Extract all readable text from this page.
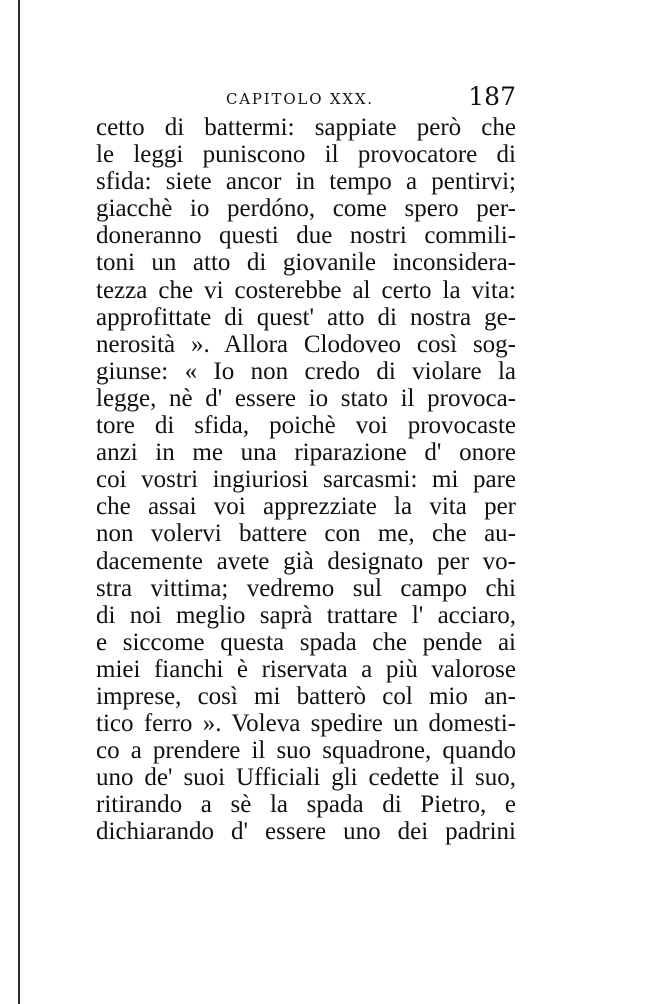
CAPITOLO XXX.	187
cetto di battermi: sappiate però che
le leggi puniscono il provocatore di
sfida: siete ancor in tempo a pentirvi;
giacchè io perdóno, come spero per-
doneranno questi due nostri commili-
toni un atto di giovanile inconsidera-
tezza che vi costerebbe al certo la vita:
approfittate di quest' atto di nostra ge-
nerosità ». Allora Clodoveo così sog-
giunse: « Io non credo di violare la
legge, nè d' essere io stato il provoca-
tore di sfida, poichè voi provocaste
anzi in me una riparazione d' onore
coi vostri ingiuriosi sarcasmi: mi pare
che assai voi apprezziate la vita per
non volervi battere con me, che au-
dacemente avete già designato per vo-
stra vittima; vedremo sul campo chi
di noi meglio saprà trattare l' acciaro,
e siccome questa spada che pende ai
miei fianchi è riservata a più valorose
imprese, così mi batterò col mio an-
tico ferro ». Voleva spedire un domesti-
co a prendere il suo squadrone, quando
uno de' suoi Ufficiali gli cedette il suo,
ritirando a sè la spada di Pietro, e
dichiarando d' essere uno dei padrini
